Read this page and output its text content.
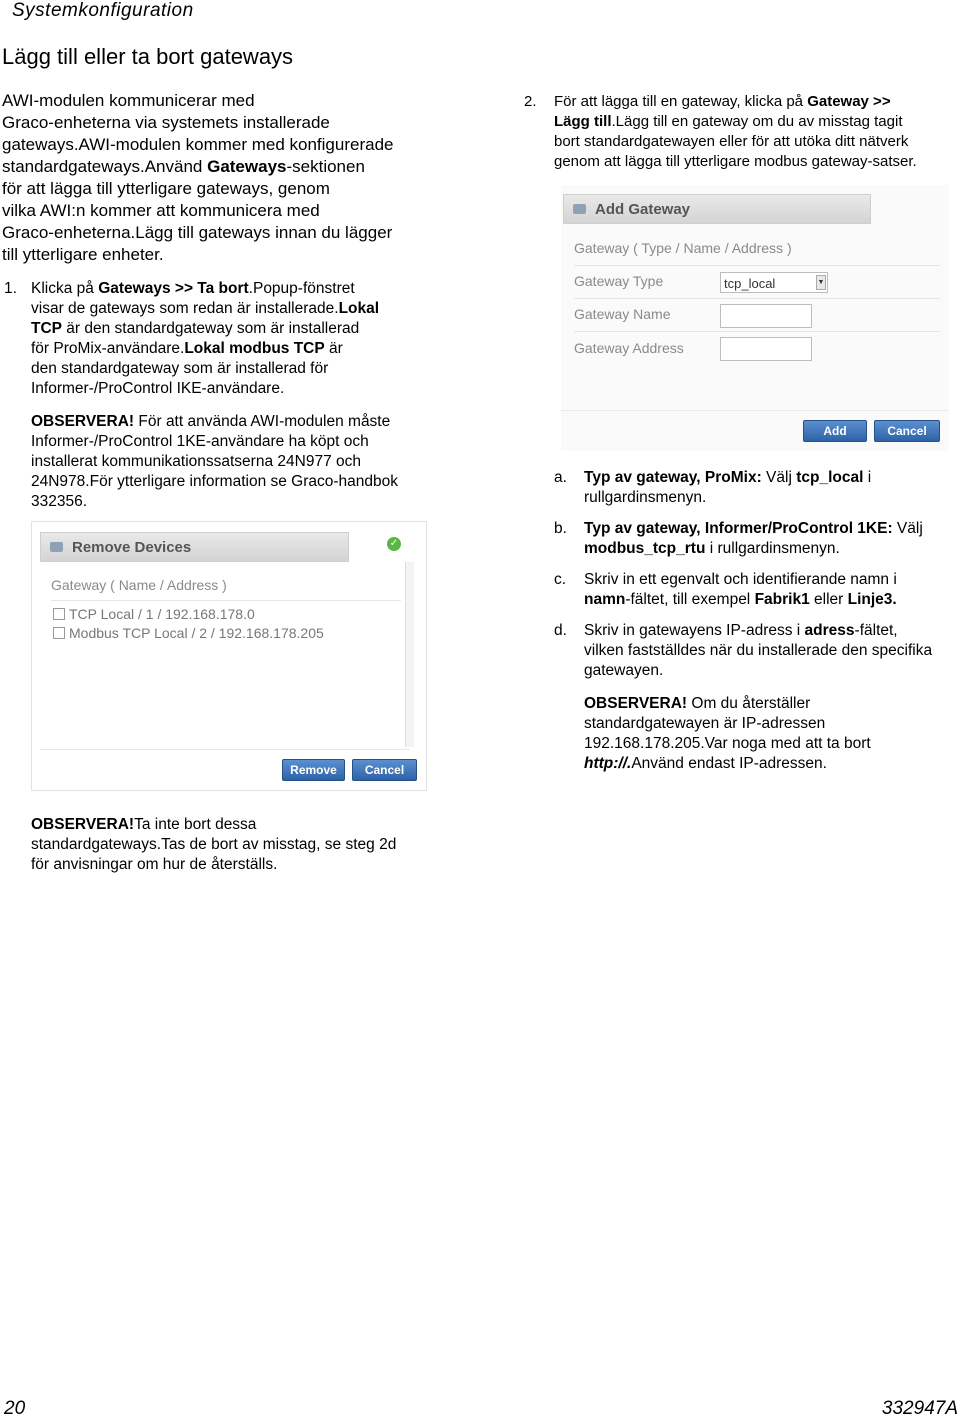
Systemkonfiguration
Lägg till eller ta bort gateways
AWI-modulen kommunicerar med
Graco-enheterna via systemets installerade
gateways.AWI-modulen kommer med konfigurerade
standardgateways.Använd Gateways-sektionen
för att lägga till ytterligare gateways, genom
vilka AWI:n kommer att kommunicera med
Graco-enheterna.Lägg till gateways innan du lägger
till ytterligare enheter.
1. Klicka på Gateways >> Ta bort.Popup-fönstret
visar de gateways som redan är installerade.Lokal
TCP är den standardgateway som är installerad
för ProMix-användare.Lokal modbus TCP är
den standardgateway som är installerad för
Informer-/ProControl IKE-användare.
OBSERVERA! För att använda AWI-modulen måste
Informer-/ProControl 1KE-användare ha köpt och
installerat kommunikationssatserna 24N977 och
24N978.För ytterligare information se Graco-handbok
332356.
Remove Devices	✓
Gateway ( Name / Address )
TCP Local / 1 / 192.168.178.0
Modbus TCP Local / 2 / 192.168.178.205
Remove	Cancel
OBSERVERA!Ta inte bort dessa
standardgateways.Tas de bort av misstag, se steg 2d
för anvisningar om hur de återställs.
2. För att lägga till en gateway, klicka på Gateway >>
Lägg till.Lägg till en gateway om du av misstag tagit
bort standardgatewayen eller för att utöka ditt nätverk
genom att lägga till ytterligare modbus gateway-satser.
Add Gateway
Gateway ( Type / Name / Address )
Gateway Type	tcp_local	▼
Gateway Name
Gateway Address
Add	Cancel
a. Typ av gateway, ProMix: Välj tcp_local i
rullgardinsmenyn.
b. Typ av gateway, Informer/ProControl 1KE: Välj
modbus_tcp_rtu i rullgardinsmenyn.
c. Skriv in ett egenvalt och identifierande namn i
namn-fältet, till exempel Fabrik1 eller Linje3.
d. Skriv in gatewayens IP-adress i adress-fältet,
vilken fastställdes när du installerade den specifika
gatewayen.
OBSERVERA! Om du återställer
standardgatewayen är IP-adressen
192.168.178.205.Var noga med att ta bort
http://.Använd endast IP-adressen.
20	332947A
